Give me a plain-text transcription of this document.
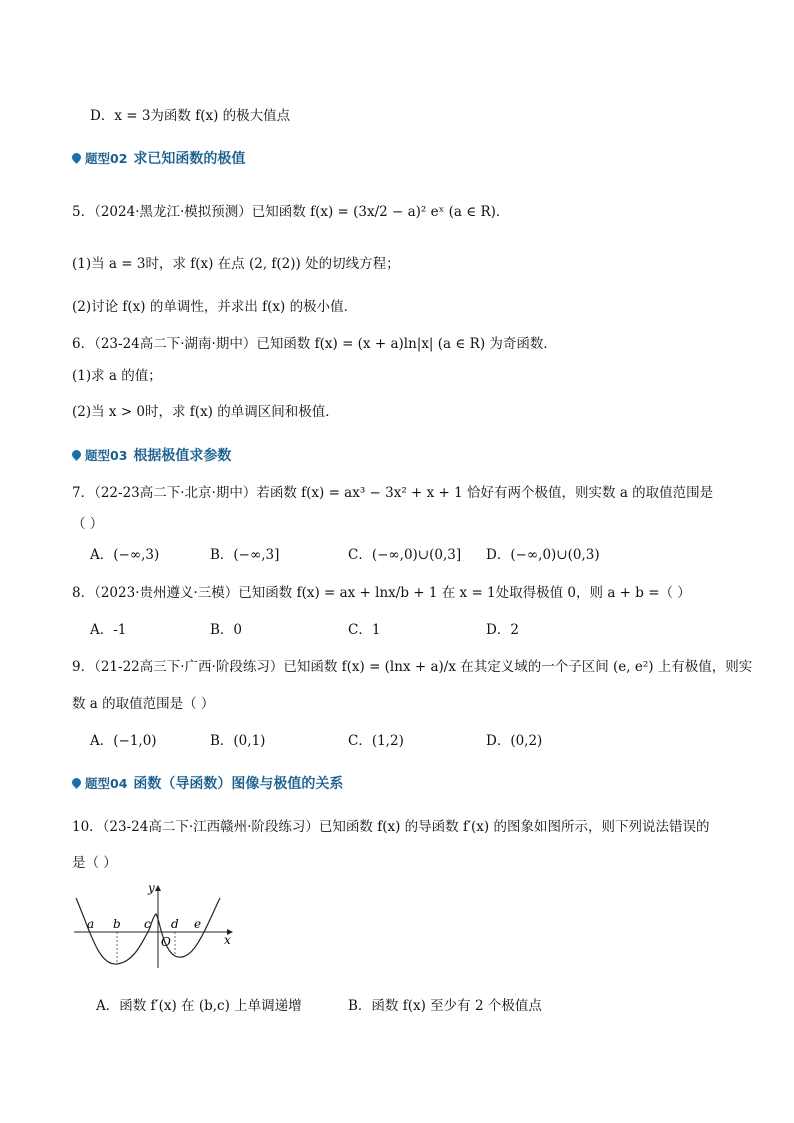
D．x = 3为函数 f(x) 的极大值点
题型02 求已知函数的极值
5．（2024·黑龙江·模拟预测）已知函数 f(x) = (3x/2 − a)² eˣ (a ∈ R)．
(1)当 a = 3时，求 f(x) 在点 (2, f(2)) 处的切线方程；
(2)讨论 f(x) 的单调性，并求出 f(x) 的极小值．
6．（23-24高二下·湖南·期中）已知函数 f(x) = (x + a)ln|x| (a ∈ R) 为奇函数．
(1)求 a 的值；
(2)当 x > 0时，求 f(x) 的单调区间和极值．
题型03 根据极值求参数
7．（22-23高二下·北京·期中）若函数 f(x) = ax³ − 3x² + x + 1 恰好有两个极值，则实数 a 的取值范围是
（ ）
A．(−∞,3)	B．(−∞,3]	C．(−∞,0)∪(0,3] D．(−∞,0)∪(0,3)
8．（2023·贵州遵义·三模）已知函数 f(x) = ax + lnx/b + 1 在 x = 1处取得极值 0，则 a + b =（ ）
A．-1	B．0	C．1	D．2
9．（21-22高三下·广西·阶段练习）已知函数 f(x) = (lnx + a)/x 在其定义域的一个子区间 (e, e²) 上有极值，则实
数 a 的取值范围是（ ）
A．(−1,0)	B．(0,1)	C．(1,2)	D．(0,2)
题型04 函数（导函数）图像与极值的关系
10．（23-24高二下·江西赣州·阶段练习）已知函数 f(x) 的导函数 f′(x) 的图象如图所示，则下列说法错误的
是（ ）
a b c d e
O
y
x
A．函数 f′(x) 在 (b,c) 上单调递增	B．函数 f(x) 至少有 2 个极值点
